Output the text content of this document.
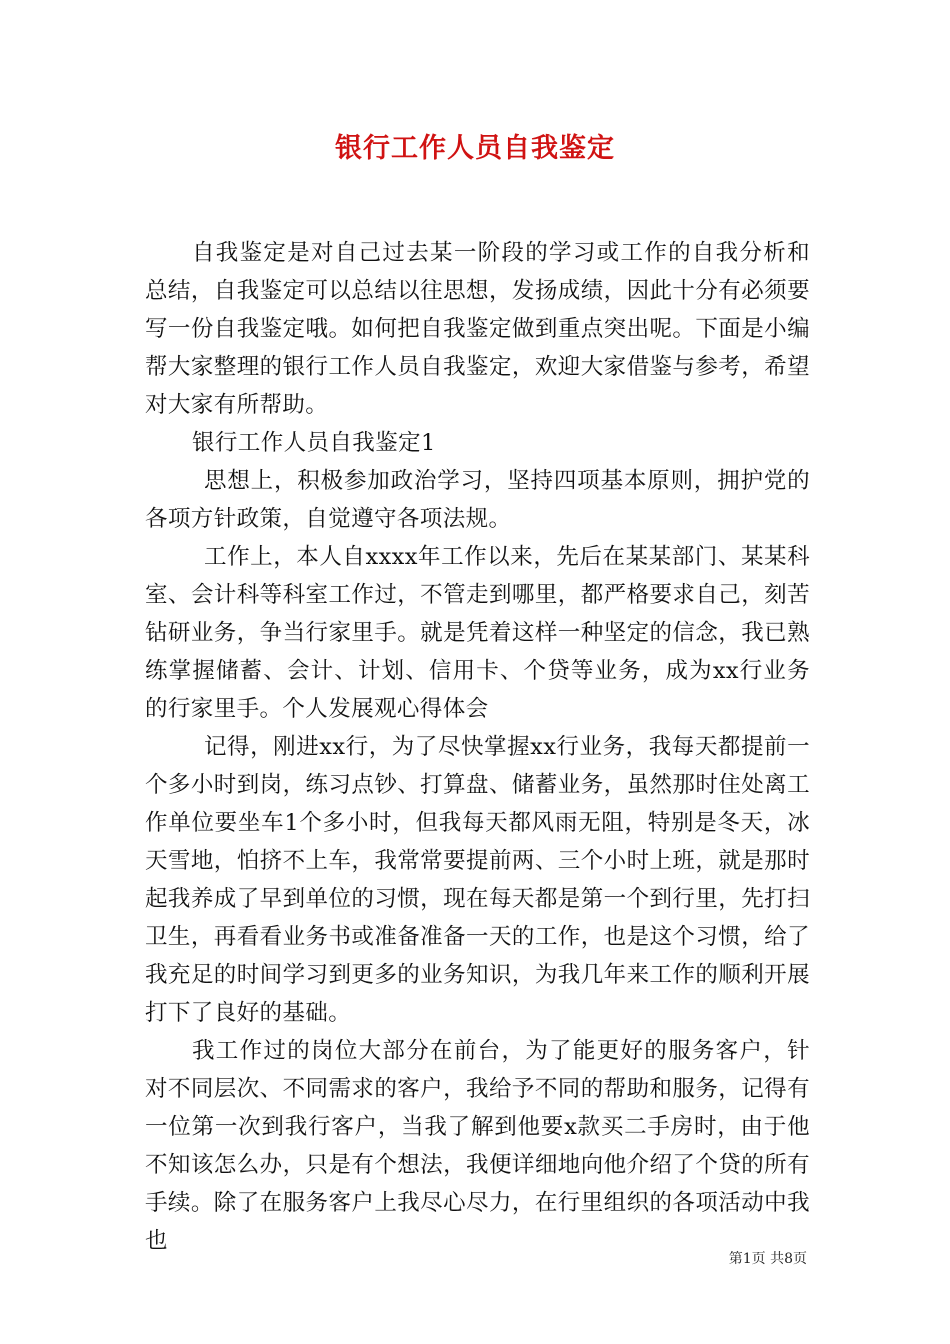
银行工作人员自我鉴定

自我鉴定是对自己过去某一阶段的学习或工作的自我分析和总结，自我鉴定可以总结以往思想，发扬成绩，因此十分有必须要写一份自我鉴定哦。如何把自我鉴定做到重点突出呢。下面是小编帮大家整理的银行工作人员自我鉴定，欢迎大家借鉴与参考，希望对大家有所帮助。

银行工作人员自我鉴定1

思想上，积极参加政治学习，坚持四项基本原则，拥护党的各项方针政策，自觉遵守各项法规。

工作上，本人自xxxx年工作以来，先后在某某部门、某某科室、会计科等科室工作过，不管走到哪里，都严格要求自己，刻苦钻研业务，争当行家里手。就是凭着这样一种坚定的信念，我已熟练掌握储蓄、会计、计划、信用卡、个贷等业务，成为xx行业务的行家里手。个人发展观心得体会

记得，刚进xx行，为了尽快掌握xx行业务，我每天都提前一个多小时到岗，练习点钞、打算盘、储蓄业务，虽然那时住处离工作单位要坐车1个多小时，但我每天都风雨无阻，特别是冬天，冰天雪地，怕挤不上车，我常常要提前两、三个小时上班，就是那时起我养成了早到单位的习惯，现在每天都是第一个到行里，先打扫卫生，再看看业务书或准备准备一天的工作，也是这个习惯，给了我充足的时间学习到更多的业务知识，为我几年来工作的顺利开展打下了良好的基础。

我工作过的岗位大部分在前台，为了能更好的服务客户，针对不同层次、不同需求的客户，我给予不同的帮助和服务，记得有一位第一次到我行客户，当我了解到他要x款买二手房时，由于他不知该怎么办，只是有个想法，我便详细地向他介绍了个贷的所有手续。除了在服务客户上我尽心尽力，在行里组织的各项活动中我也

第1页 共8页
